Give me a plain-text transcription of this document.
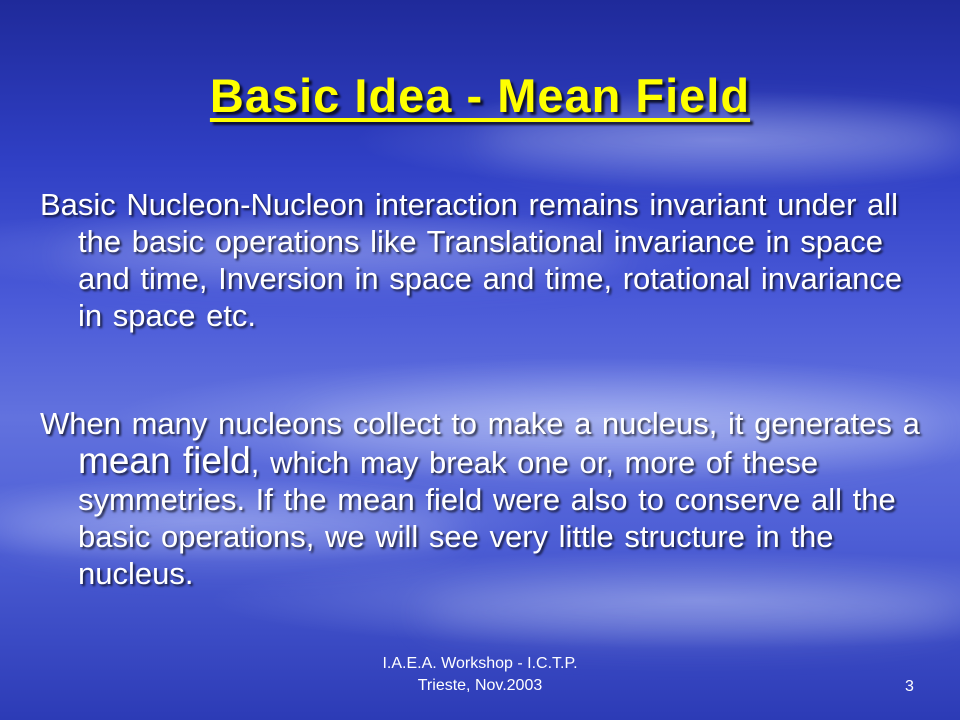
Basic Idea - Mean Field

Basic Nucleon-Nucleon interaction remains invariant under all the basic operations like Translational invariance in space and time, Inversion in space and time, rotational invariance in space etc.

When many nucleons collect to make a nucleus, it generates a mean field, which may break one or, more of these symmetries. If the mean field were also to conserve all the basic operations, we will see very little structure in the nucleus.

I.A.E.A. Workshop - I.C.T.P.
Trieste, Nov.2003	3
